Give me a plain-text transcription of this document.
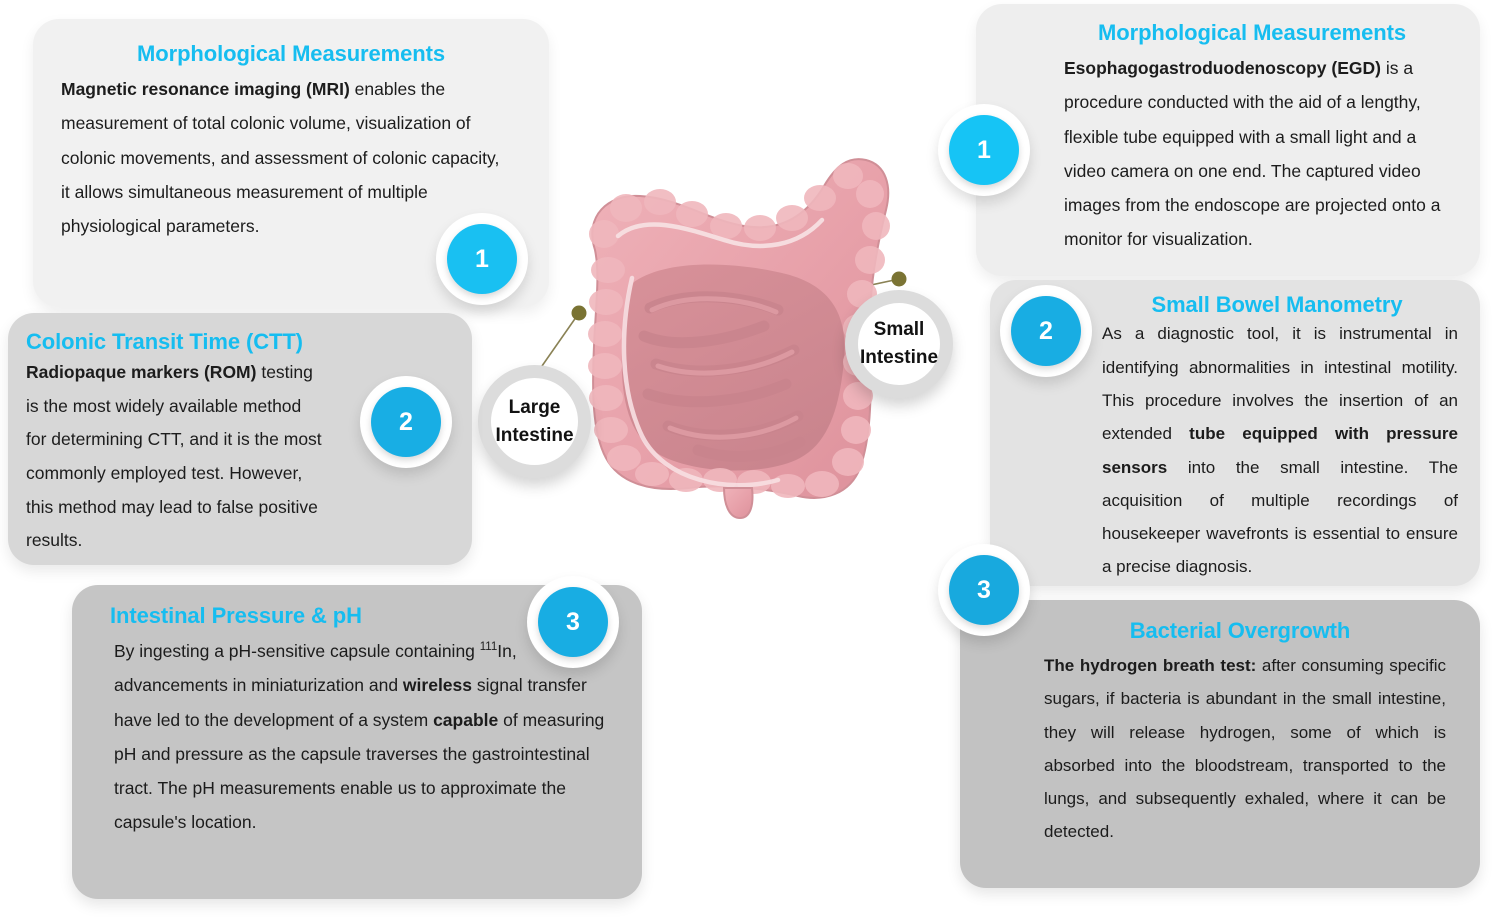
Large
Intestine
Small
Intestine

Morphological Measurements

Magnetic resonance imaging (MRI) enables the measurement of total colonic volume, visualization of colonic movements, and assessment of colonic capacity, it allows simultaneous measurement of multiple physiological parameters.

Colonic Transit Time (CTT)

Radiopaque markers (ROM) testing is the most widely available method for determining CTT, and it is the most commonly employed test. However, this method may lead to false positive results.

Intestinal Pressure & pH

By ingesting a pH-sensitive capsule containing $^{111}$In, advancements in miniaturization and wireless signal transfer have led to the development of a system capable of measuring pH and pressure as the capsule traverses the gastrointestinal tract. The pH measurements enable us to approximate the capsule's location.

Morphological Measurements

Esophagogastroduodenoscopy (EGD) is a procedure conducted with the aid of a lengthy, flexible tube equipped with a small light and a video camera on one end. The captured video images from the endoscope are projected onto a monitor for visualization.

Small Bowel Manometry

As a diagnostic tool, it is instrumental in identifying abnormalities in intestinal motility. This procedure involves the insertion of an extended tube equipped with pressure sensors into the small intestine. The acquisition of multiple recordings of housekeeper wavefronts is essential to ensure a precise diagnosis.

Bacterial Overgrowth

The hydrogen breath test: after consuming specific sugars, if bacteria is abundant in the small intestine, they will release hydrogen, some of which is absorbed into the bloodstream, transported to the lungs, and subsequently exhaled, where it can be detected.

1
2
3
1
2
3
